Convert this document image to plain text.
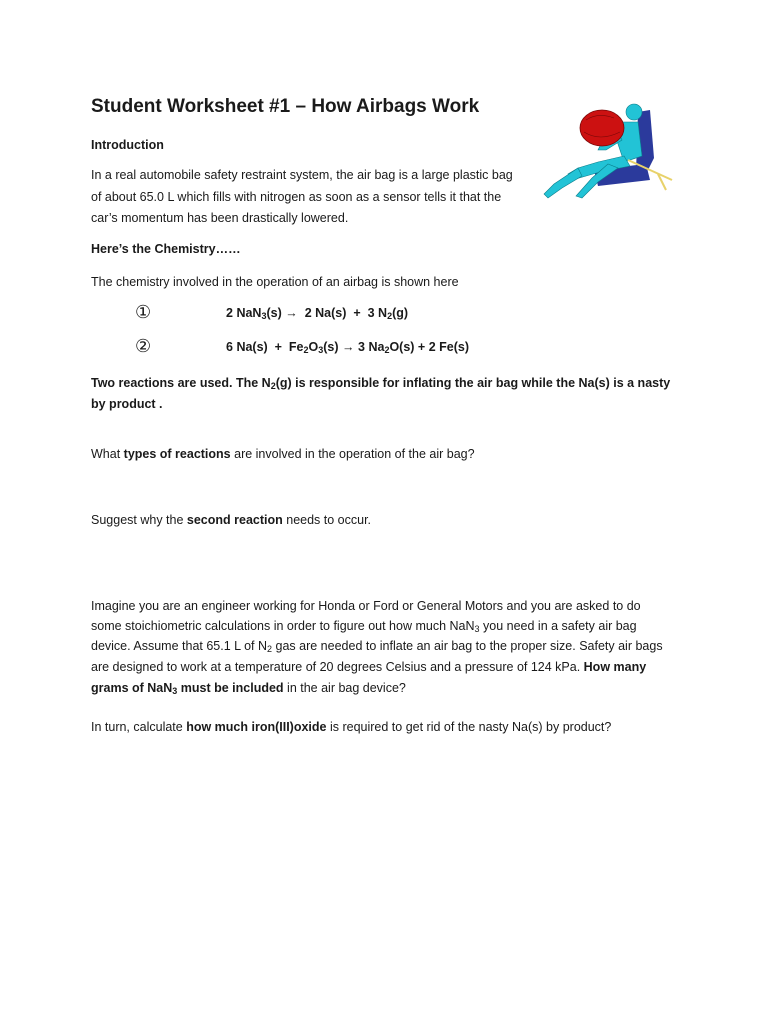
Student Worksheet #1 – How Airbags Work
Introduction
In a real automobile safety restraint system, the air bag is a large plastic bag
of about 65.0 L which fills with nitrogen as soon as a sensor tells it that the
car’s momentum has been drastically lowered.
Here’s the Chemistry……
The chemistry involved in the operation of an airbag is shown here
①	2 NaN$_3$(s) → 2 Na(s)  +  3 $N_2(g)$
②	6 $Na(s) + Fe_2O_3(s) \to 3$ $Na_2O(s) + 2$ Fe(s)
Two reactions are used. The $N_2(g)$ is responsible for inflating the air bag while the Na(s) is a nasty
by product .
What types of reactions are involved in the operation of the air bag?
Suggest why the second reaction needs to occur.
Imagine you are an engineer working for Honda or Ford or General Motors and you are asked to do
some stoichiometric calculations in order to figure out how much NaN$_3$ you need in a safety air bag
device. Assume that 65.1 L of $N_2$ gas are needed to inflate an air bag to the proper size. Safety air bags
are designed to work at a temperature of 20 degrees Celsius and a pressure of 124 kPa. How many
grams of NaN$_3$ must be included in the air bag device?
In turn, calculate how much iron(III)oxide is required to get rid of the nasty Na(s) by product?
